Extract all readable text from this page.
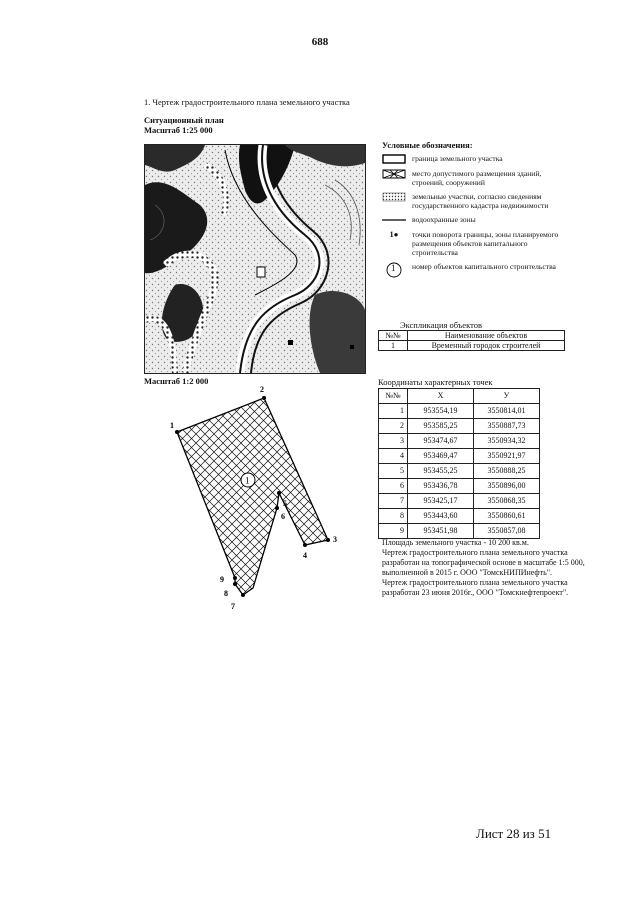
688
1. Чертеж градостроительного плана земельного участка
Ситуационный план
Масштаб 1:25 000
Условные обозначения:
граница земельного участка
место допустимого размещения зданий, строений, сооружений
земельные участки, согласно сведениям государственного кадастра недвижимости
водоохранные зоны
1●	точки поворота границы, зоны планируемого размещения объектов капитального строительства
1 номер объектов капитального строительства
Экспликация объектов
№№	Наименование объектов
1	Временный городок строителей
Масштаб 1:2 000
1
2
3
4
5
6
7
8
9
1
Координаты характерных точек
№№	X	У
1	953554,19	3550814,01
2	953585,25	3550887,73
3	953474,67	3550934,32
4	953469,47	3550921,97
5	953455,25	3550888,25
6	953436,78	3550896,00
7	953425,17	3550868,35
8	953443,60	3550860,61
9	953451,98	3550857,08
Площадь земельного участка - 10 200 кв.м.
Чертеж градостроительного плана земельного участка разработан на топографической основе в масштабе 1:5 000, выполненной в 2015 г. ООО "ТомскНИПИнефть".
Чертеж градостроительного плана земельного участка разработан 23 июня 2016г., ООО "Томскнефтепроект".
Лист 28 из 51
